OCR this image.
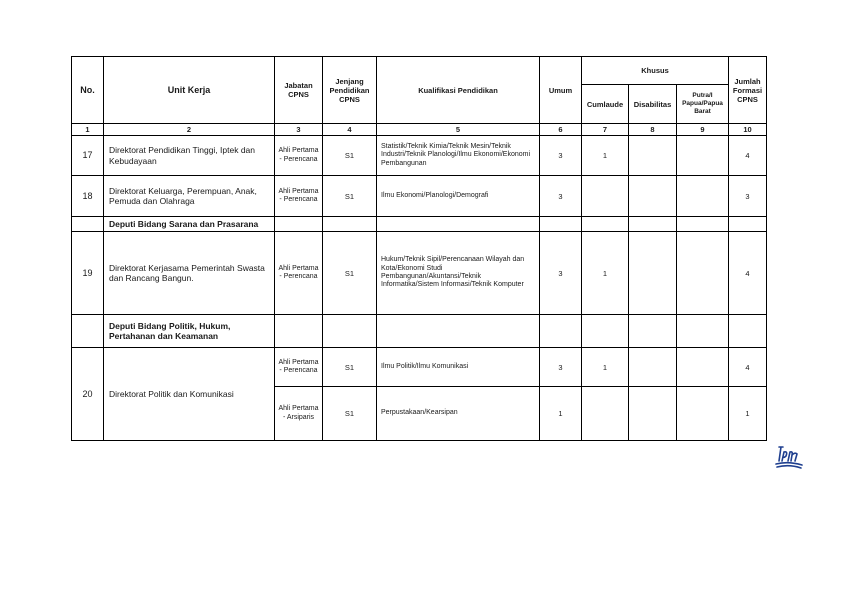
No.	Unit Kerja	Jabatan CPNS	Jenjang Pendidikan CPNS	Kualifikasi Pendidikan	Umum	Khusus			Jumlah Formasi CPNS
						Cumlaude	Disabilitas	Putra/I Papua/Papua Barat	
1	2	3	4	5	6	7	8	9	10
17	Direktorat Pendidikan Tinggi, Iptek dan Kebudayaan	Ahli Pertama - Perencana	S1	Statistik/Teknik Kimia/Teknik Mesin/Teknik Industri/Teknik Planologi/Ilmu Ekonomi/Ekonomi Pembangunan	3	1			4
18	Direktorat Keluarga, Perempuan, Anak, Pemuda dan Olahraga	Ahli Pertama - Perencana	S1	Ilmu Ekonomi/Planologi/Demografi	3				3
	Deputi Bidang Sarana dan Prasarana								
19	Direktorat Kerjasama Pemerintah Swasta dan Rancang Bangun.	Ahli Pertama - Perencana	S1	Hukum/Teknik Sipil/Perencanaan Wilayah dan Kota/Ekonomi Studi Pembangunan/Akuntansi/Teknik Informatika/Sistem Informasi/Teknik Komputer	3	1			4
	Deputi Bidang Politik, Hukum, Pertahanan dan Keamanan								
20	Direktorat Politik dan Komunikasi	Ahli Pertama - Perencana	S1	Ilmu Politik/Ilmu Komunikasi	3	1			4
		Ahli Pertama - Arsiparis	S1	Perpustakaan/Kearsipan	1				1
